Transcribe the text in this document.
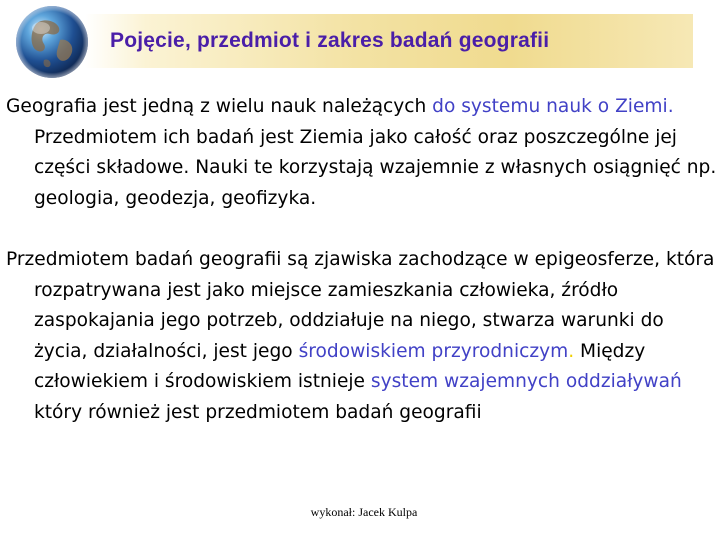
Pojęcie, przedmiot i zakres badań geografii

Geografia jest jedną z wielu nauk należących do systemu nauk o Ziemi. Przedmiotem ich badań jest Ziemia jako całość oraz poszczególne jej części składowe. Nauki te korzystają wzajemnie z własnych osiągnięć np. geologia, geodezja, geofizyka.

Przedmiotem badań geografii są zjawiska zachodzące w epigeosferze, która rozpatrywana jest jako miejsce zamieszkania człowieka, źródło zaspokajania jego potrzeb, oddziałuje na niego, stwarza warunki do życia, działalności, jest jego środowiskiem przyrodniczym. Między człowiekiem i środowiskiem istnieje system wzajemnych oddziaływań który również jest przedmiotem badań geografii

wykonał: Jacek Kulpa
